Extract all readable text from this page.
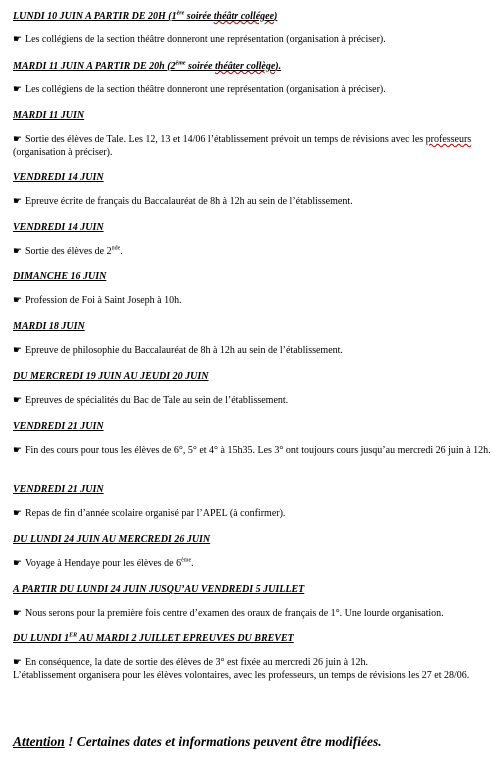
LUNDI 10 JUIN A PARTIR DE 20H (1ère soirée théâtr collégee)
☛ Les collégiens de la section théâtre donneront une représentation (organisation à préciser).
MARDI 11 JUIN A PARTIR DE 20h (2ème soirée théâter collège).
☛ Les collégiens de la section théâtre donneront une représentation (organisation à préciser).
MARDI 11 JUIN
☛ Sortie des élèves de Tale. Les 12, 13 et 14/06 l’établissement prévoit un temps de révisions avec les professeurs (organisation à préciser).
VENDREDI 14 JUIN
☛ Epreuve écrite de français du Baccalauréat de 8h à 12h au sein de l’établissement.
VENDREDI 14 JUIN
☛ Sortie des élèves de 2nde.
DIMANCHE 16 JUIN
☛ Profession de Foi à Saint Joseph à 10h.
MARDI 18 JUIN
☛ Epreuve de philosophie du Baccalauréat de 8h à 12h au sein de l’établissement.
DU MERCREDI 19 JUIN AU JEUDI 20 JUIN
☛ Epreuves de spécialités du Bac de Tale au sein de l’établissement.
VENDREDI 21 JUIN
☛ Fin des cours pour tous les élèves de 6°, 5° et 4° à 15h35. Les 3° ont toujours cours jusqu’au mercredi 26 juin à 12h.
VENDREDI 21 JUIN
☛ Repas de fin d’année scolaire organisé par l’APEL (à confirmer).
DU LUNDI 24 JUIN AU MERCREDI 26 JUIN
☛ Voyage à Hendaye pour les élèves de 6ème.
A PARTIR DU LUNDI 24 JUIN JUSQU’AU VENDREDI 5 JUILLET
☛ Nous serons pour la première fois centre d’examen des oraux de français de 1°. Une lourde organisation.
DU LUNDI 1ER AU MARDI 2 JUILLET EPREUVES DU BREVET
☛ En conséquence, la date de sortie des élèves de 3° est fixée au mercredi 26 juin à 12h.
L’établissement organisera pour les élèves volontaires, avec les professeurs, un temps de révisions les 27 et 28/06.
Attention ! Certaines dates et informations peuvent être modifiées.
